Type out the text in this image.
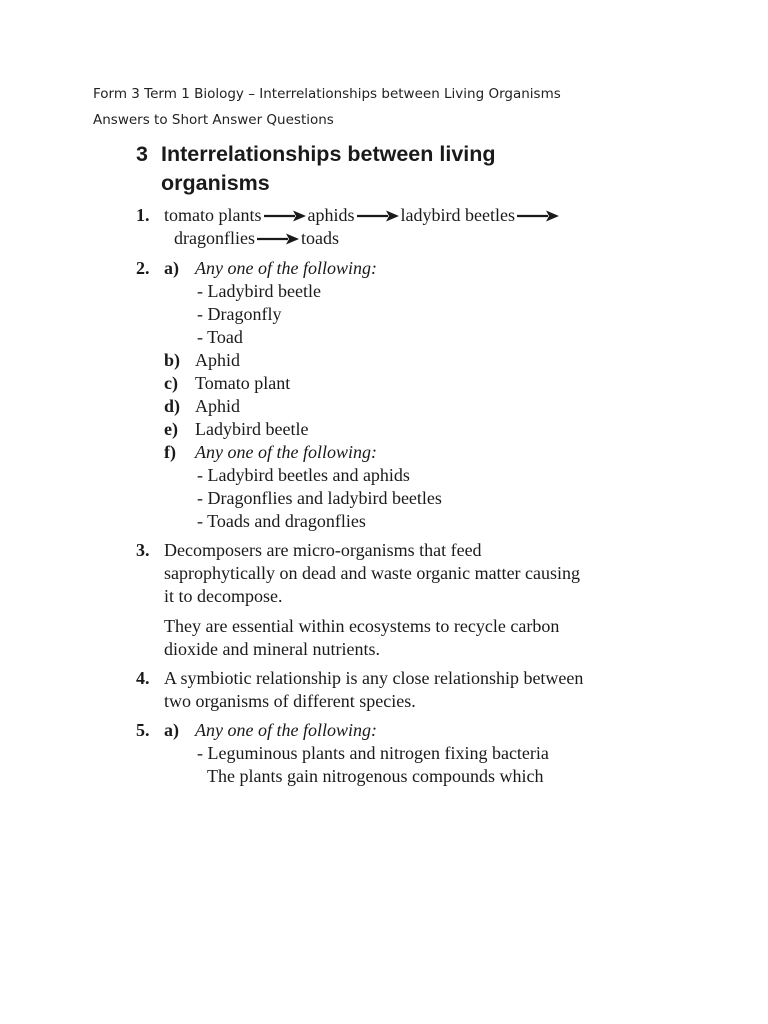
Form 3 Term 1 Biology – Interrelationships between Living Organisms
Answers to Short Answer Questions
3 Interrelationships between living
organisms
1. tomato plants	aphids	ladybird beetles
dragonflies	toads
2. a) Any one of the following:
- Ladybird beetle
- Dragonfly
- Toad
b) Aphid
c) Tomato plant
d) Aphid
e) Ladybird beetle
f) Any one of the following:
- Ladybird beetles and aphids
- Dragonflies and ladybird beetles
- Toads and dragonflies
3. Decomposers are micro-organisms that feed
saprophytically on dead and waste organic matter causing
it to decompose.
They are essential within ecosystems to recycle carbon
dioxide and mineral nutrients.
4. A symbiotic relationship is any close relationship between
two organisms of different species.
5. a) Any one of the following:
- Leguminous plants and nitrogen fixing bacteria
The plants gain nitrogenous compounds which
